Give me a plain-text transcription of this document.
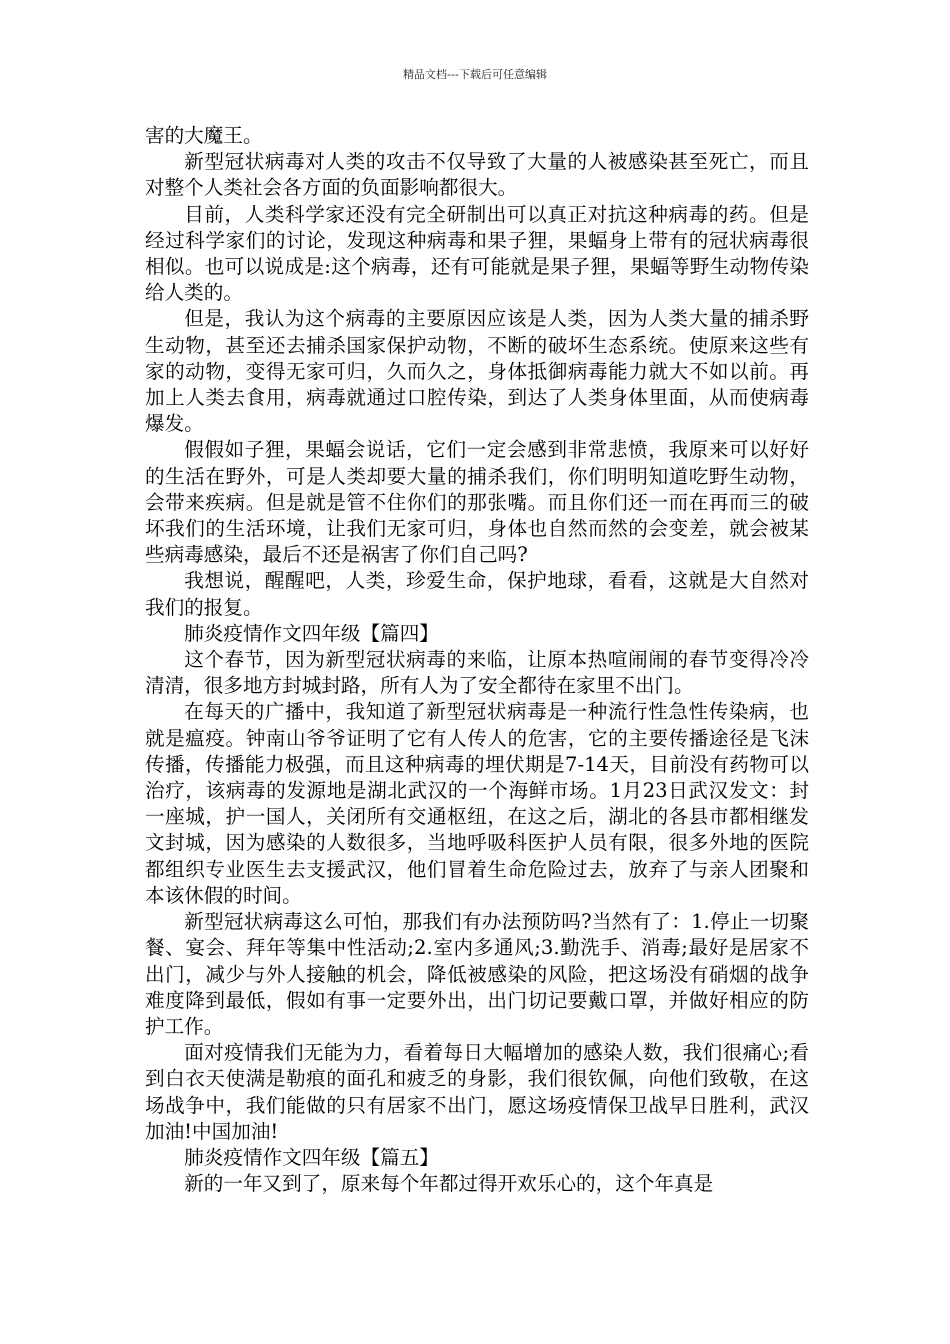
精品文档---下载后可任意编辑

害的大魔王。

新型冠状病毒对人类的攻击不仅导致了大量的人被感染甚至死亡，而且对整个人类社会各方面的负面影响都很大。

目前，人类科学家还没有完全研制出可以真正对抗这种病毒的药。但是经过科学家们的讨论，发现这种病毒和果子狸，果蝠身上带有的冠状病毒很相似。也可以说成是:这个病毒，还有可能就是果子狸，果蝠等野生动物传染给人类的。

但是，我认为这个病毒的主要原因应该是人类，因为人类大量的捕杀野生动物，甚至还去捕杀国家保护动物，不断的破坏生态系统。使原来这些有家的动物，变得无家可归，久而久之，身体抵御病毒能力就大不如以前。再加上人类去食用，病毒就通过口腔传染，到达了人类身体里面，从而使病毒爆发。

假假如子狸，果蝠会说话，它们一定会感到非常悲愤，我原来可以好好的生活在野外，可是人类却要大量的捕杀我们，你们明明知道吃野生动物，会带来疾病。但是就是管不住你们的那张嘴。而且你们还一而在再而三的破坏我们的生活环境，让我们无家可归，身体也自然而然的会变差，就会被某些病毒感染，最后不还是祸害了你们自己吗?

我想说，醒醒吧，人类，珍爱生命，保护地球，看看，这就是大自然对我们的报复。

肺炎疫情作文四年级【篇四】

这个春节，因为新型冠状病毒的来临，让原本热喧闹闹的春节变得冷冷清清，很多地方封城封路，所有人为了安全都待在家里不出门。

在每天的广播中，我知道了新型冠状病毒是一种流行性急性传染病，也就是瘟疫。钟南山爷爷证明了它有人传人的危害，它的主要传播途径是飞沫传播，传播能力极强，而且这种病毒的埋伏期是7-14天，目前没有药物可以治疗，该病毒的发源地是湖北武汉的一个海鲜市场。1月23日武汉发文：封一座城，护一国人，关闭所有交通枢纽，在这之后，湖北的各县市都相继发文封城，因为感染的人数很多，当地呼吸科医护人员有限，很多外地的医院都组织专业医生去支援武汉，他们冒着生命危险过去，放弃了与亲人团聚和本该休假的时间。

新型冠状病毒这么可怕，那我们有办法预防吗?当然有了：1.停止一切聚餐、宴会、拜年等集中性活动;2.室内多通风;3.勤洗手、消毒;最好是居家不出门，减少与外人接触的机会，降低被感染的风险，把这场没有硝烟的战争难度降到最低，假如有事一定要外出，出门切记要戴口罩，并做好相应的防护工作。

面对疫情我们无能为力，看着每日大幅增加的感染人数，我们很痛心;看到白衣天使满是勒痕的面孔和疲乏的身影，我们很钦佩，向他们致敬，在这场战争中，我们能做的只有居家不出门，愿这场疫情保卫战早日胜利，武汉加油!中国加油!

肺炎疫情作文四年级【篇五】

新的一年又到了，原来每个年都过得开欢乐心的，这个年真是
